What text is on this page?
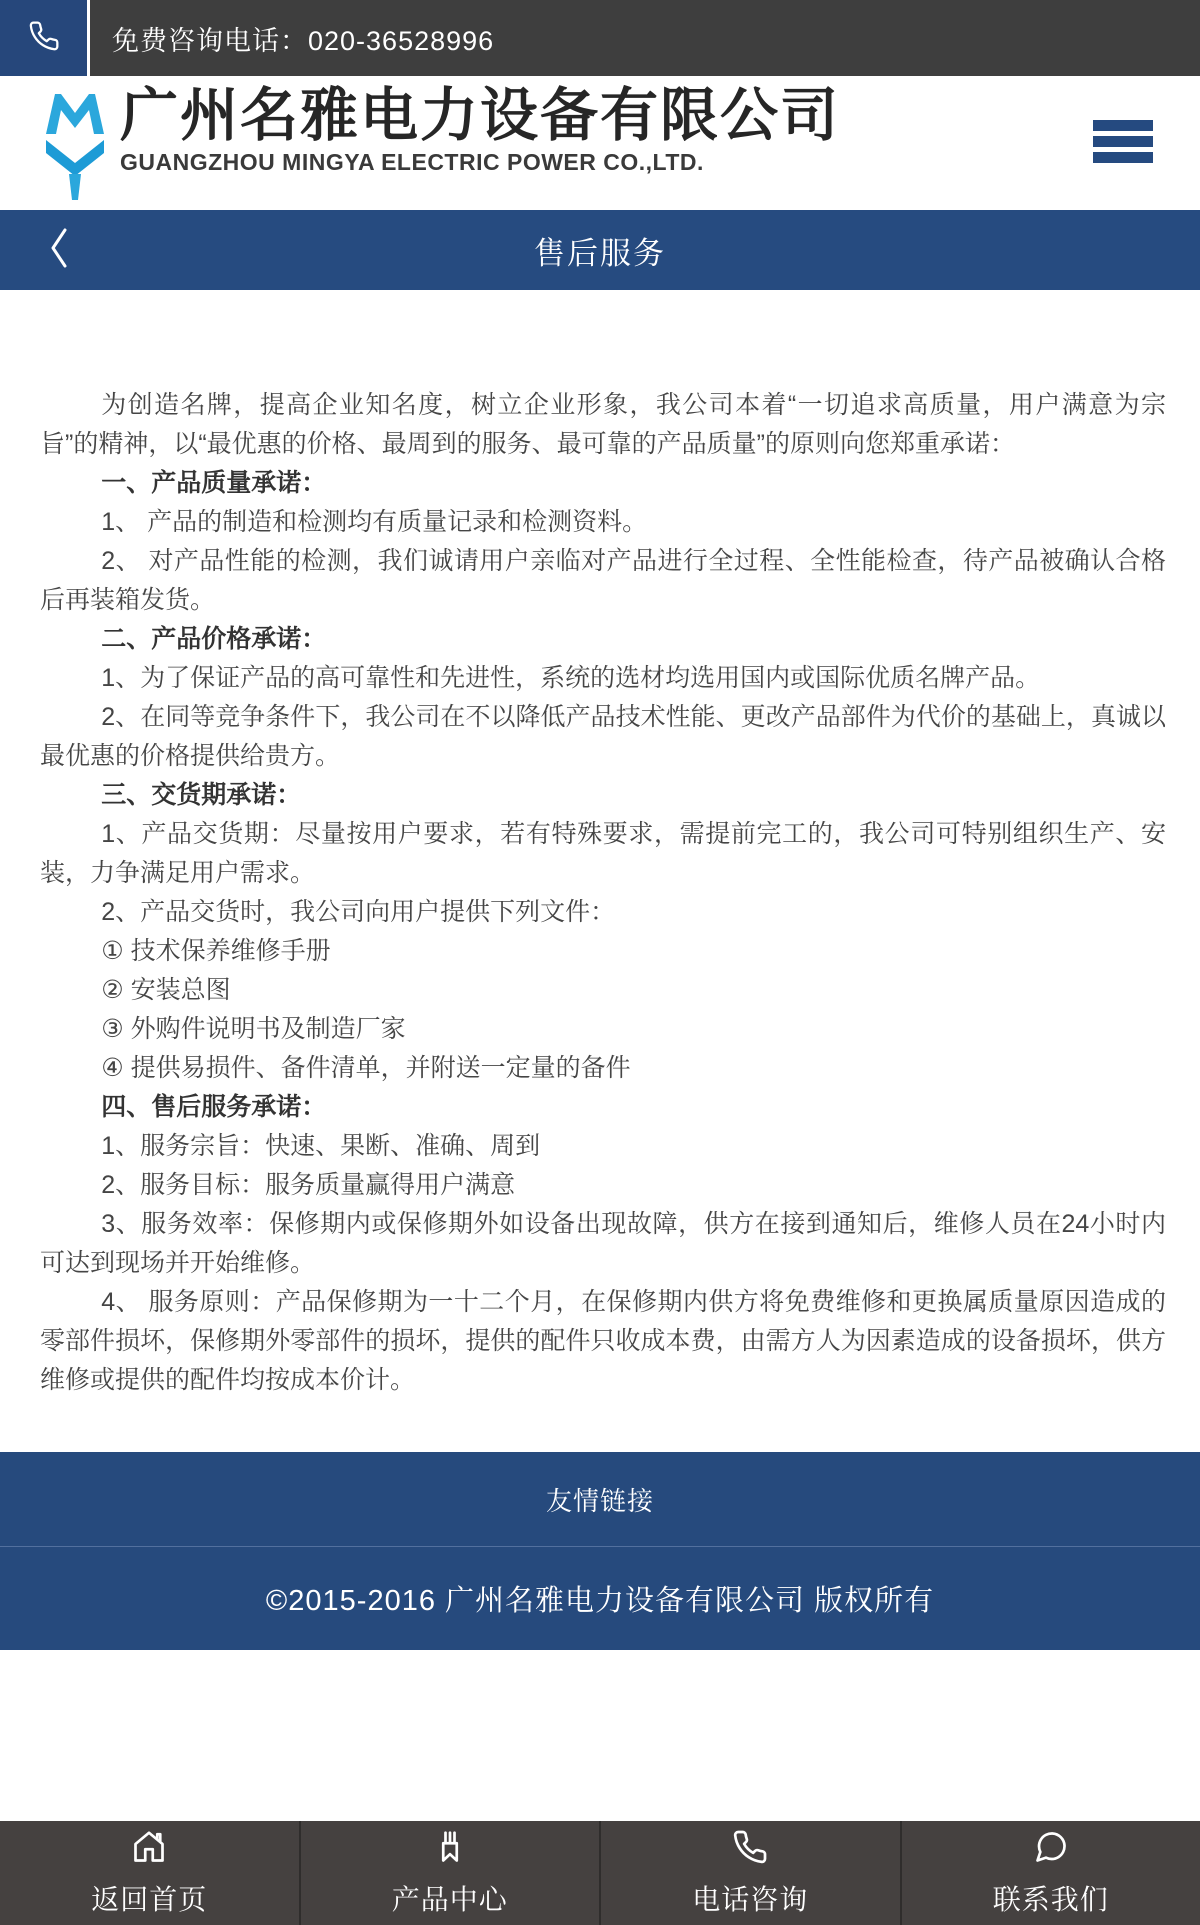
免费咨询电话：020-36528996
广州名雅电力设备有限公司
GUANGZHOU MINGYA ELECTRIC POWER CO.,LTD.
售后服务

为创造名牌，提高企业知名度，树立企业形象，我公司本着“一切追求高质量，用户满意为宗旨”的精神，以“最优惠的价格、最周到的服务、最可靠的产品质量”的原则向您郑重承诺：

一、产品质量承诺：

1、 产品的制造和检测均有质量记录和检测资料。

2、 对产品性能的检测，我们诚请用户亲临对产品进行全过程、全性能检查，待产品被确认合格后再装箱发货。

二、产品价格承诺：

1、为了保证产品的高可靠性和先进性，系统的选材均选用国内或国际优质名牌产品。

2、在同等竞争条件下，我公司在不以降低产品技术性能、更改产品部件为代价的基础上，真诚以最优惠的价格提供给贵方。

三、交货期承诺：

1、产品交货期：尽量按用户要求，若有特殊要求，需提前完工的，我公司可特别组织生产、安装，力争满足用户需求。

2、产品交货时，我公司向用户提供下列文件：

① 技术保养维修手册

② 安装总图

③ 外购件说明书及制造厂家

④ 提供易损件、备件清单，并附送一定量的备件

四、售后服务承诺：

1、服务宗旨：快速、果断、准确、周到

2、服务目标：服务质量赢得用户满意

3、服务效率：保修期内或保修期外如设备出现故障，供方在接到通知后，维修人员在24小时内可达到现场并开始维修。

4、 服务原则：产品保修期为一十二个月，在保修期内供方将免费维修和更换属质量原因造成的零部件损坏，保修期外零部件的损坏，提供的配件只收成本费，由需方人为因素造成的设备损坏，供方维修或提供的配件均按成本价计。

友情链接
©2015-2016 广州名雅电力设备有限公司 版权所有
返回首页	产品中心	电话咨询	联系我们
